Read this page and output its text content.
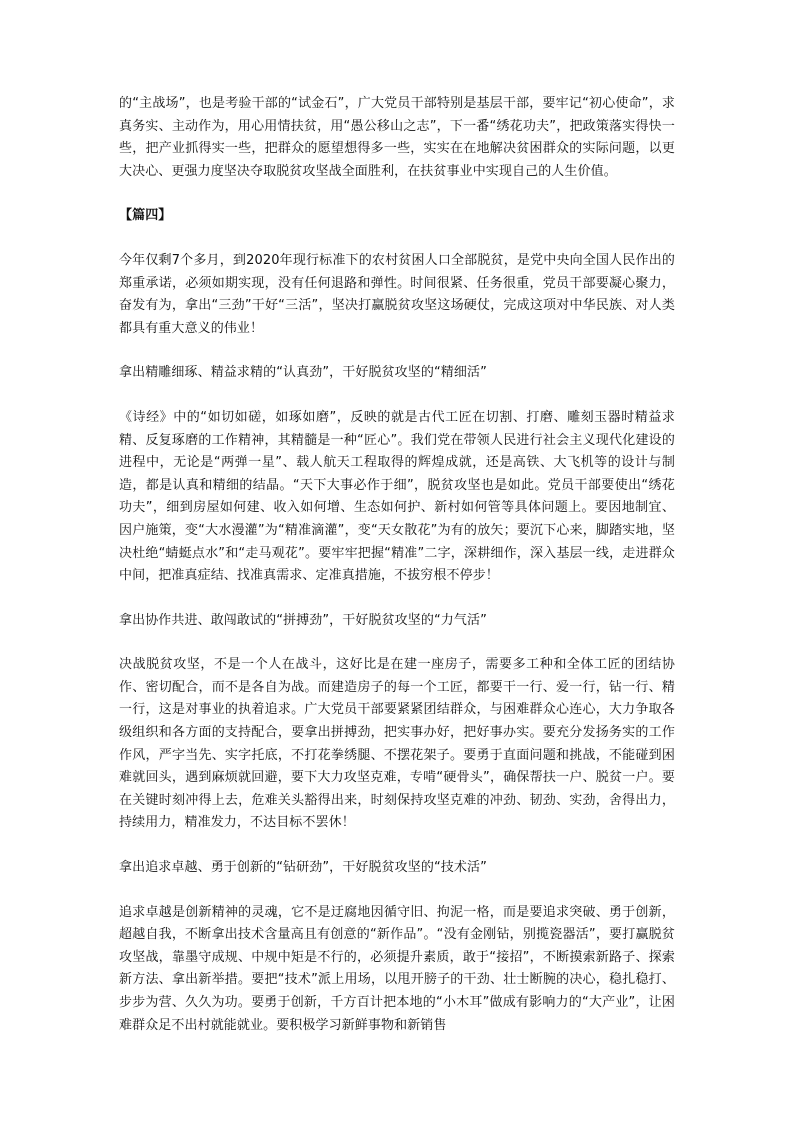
的“主战场”，也是考验干部的“试金石”，广大党员干部特别是基层干部，要牢记“初心使命”，求真务实、主动作为，用心用情扶贫，用“愚公移山之志”，下一番“绣花功夫”，把政策落实得快一些，把产业抓得实一些，把群众的愿望想得多一些，实实在在地解决贫困群众的实际问题，以更大决心、更强力度坚决夺取脱贫攻坚战全面胜利，在扶贫事业中实现自己的人生价值。

【篇四】

今年仅剩7个多月，到2020年现行标准下的农村贫困人口全部脱贫，是党中央向全国人民作出的郑重承诺，必须如期实现，没有任何退路和弹性。时间很紧、任务很重，党员干部要凝心聚力，奋发有为，拿出“三劲”干好“三活”，坚决打赢脱贫攻坚这场硬仗，完成这项对中华民族、对人类都具有重大意义的伟业！

拿出精雕细琢、精益求精的“认真劲”，干好脱贫攻坚的“精细活”

《诗经》中的“如切如磋，如琢如磨”，反映的就是古代工匠在切割、打磨、雕刻玉器时精益求精、反复琢磨的工作精神，其精髓是一种“匠心”。我们党在带领人民进行社会主义现代化建设的进程中，无论是“两弹一星”、载人航天工程取得的辉煌成就，还是高铁、大飞机等的设计与制造，都是认真和精细的结晶。“天下大事必作于细”，脱贫攻坚也是如此。党员干部要使出“绣花功夫”，细到房屋如何建、收入如何增、生态如何护、新村如何管等具体问题上。要因地制宜、因户施策，变“大水漫灌”为“精准滴灌”，变“天女散花”为有的放矢；要沉下心来，脚踏实地，坚决杜绝“蜻蜓点水”和“走马观花”。要牢牢把握“精准”二字，深耕细作，深入基层一线，走进群众中间，把准真症结、找准真需求、定准真措施，不拔穷根不停步！

拿出协作共进、敢闯敢试的“拼搏劲”，干好脱贫攻坚的“力气活”

决战脱贫攻坚，不是一个人在战斗，这好比是在建一座房子，需要多工种和全体工匠的团结协作、密切配合，而不是各自为战。而建造房子的每一个工匠，都要干一行、爱一行，钻一行、精一行，这是对事业的执着追求。广大党员干部要紧紧团结群众，与困难群众心连心，大力争取各级组织和各方面的支持配合，要拿出拼搏劲，把实事办好，把好事办实。要充分发扬务实的工作作风，严字当先、实字托底，不打花拳绣腿、不摆花架子。要勇于直面问题和挑战，不能碰到困难就回头，遇到麻烦就回避，要下大力攻坚克难，专啃“硬骨头”，确保帮扶一户、脱贫一户。要在关键时刻冲得上去，危难关头豁得出来，时刻保持攻坚克难的冲劲、韧劲、实劲，舍得出力，持续用力，精准发力，不达目标不罢休！

拿出追求卓越、勇于创新的“钻研劲”，干好脱贫攻坚的“技术活”

追求卓越是创新精神的灵魂，它不是迂腐地因循守旧、拘泥一格，而是要追求突破、勇于创新，超越自我，不断拿出技术含量高且有创意的“新作品”。“没有金刚钻，别揽瓷器活”，要打赢脱贫攻坚战，靠墨守成规、中规中矩是不行的，必须提升素质，敢于“接招”，不断摸索新路子、探索新方法、拿出新举措。要把“技术”派上用场，以甩开膀子的干劲、壮士断腕的决心，稳扎稳打、步步为营、久久为功。要勇于创新，千方百计把本地的“小木耳”做成有影响力的“大产业”，让困难群众足不出村就能就业。要积极学习新鲜事物和新销售
